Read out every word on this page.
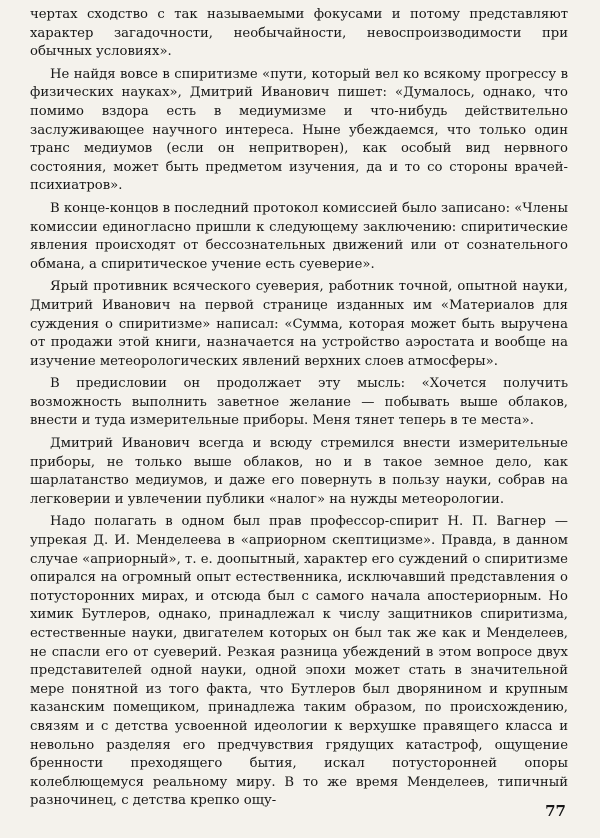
чертах сходство с так называемыми фокусами и потому представляют характер загадочности, необычайности, невоспроизводимости при обычных условиях».

Не найдя вовсе в спиритизме «пути, который вел ко всякому прогрессу в физических науках», Дмитрий Иванович пишет: «Думалось, однако, что помимо вздора есть в медиумизме и что-нибудь действительно заслуживающее научного интереса. Ныне убеждаемся, что только один транс медиумов (если он непритворен), как особый вид нервного состояния, может быть предметом изучения, да и то со стороны врачей-психиатров».

В конце-концов в последний протокол комиссией было записано: «Члены комиссии единогласно пришли к следующему заключению: спиритические явления происходят от бессознательных движений или от сознательного обмана, а спиритическое учение есть суеверие».

Ярый противник всяческого суеверия, работник точной, опытной науки, Дмитрий Иванович на первой странице изданных им «Материалов для суждения о спиритизме» написал: «Сумма, которая может быть выручена от продажи этой книги, назначается на устройство аэростата и вообще на изучение метеорологических явлений верхних слоев атмосферы».

В предисловии он продолжает эту мысль: «Хочется получить возможность выполнить заветное желание — побывать выше облаков, внести и туда измерительные приборы. Меня тянет теперь в те места».

Дмитрий Иванович всегда и всюду стремился внести измерительные приборы, не только выше облаков, но и в такое земное дело, как шарлатанство медиумов, и даже его повернуть в пользу науки, собрав на легковерии и увлечении публики «налог» на нужды метеорологии.

Надо полагать в одном был прав профессор-спирит Н. П. Вагнер — упрекая Д. И. Менделеева в «априорном скептицизме». Правда, в данном случае «априорный», т. е. доопытный, характер его суждений о спиритизме опирался на огромный опыт естественника, исключавший представления о потусторонних мирах, и отсюда был с самого начала апостериорным. Но химик Бутлеров, однако, принадлежал к числу защитников спиритизма, естественные науки, двигателем которых он был так же как и Менделеев, не спасли его от суеверий. Резкая разница убеждений в этом вопросе двух представителей одной науки, одной эпохи может стать в значительной мере понятной из того факта, что Бутлеров был дворянином и крупным казанским помещиком, принадлежа таким образом, по происхождению, связям и с детства усвоенной идеологии к верхушке правящего класса и невольно разделяя его предчувствия грядущих катастроф, ощущение бренности преходящего бытия, искал потусторонней опоры колеблющемуся реальному миру. В то же время Менделеев, типичный разночинец, с детства крепко ощу-

77
